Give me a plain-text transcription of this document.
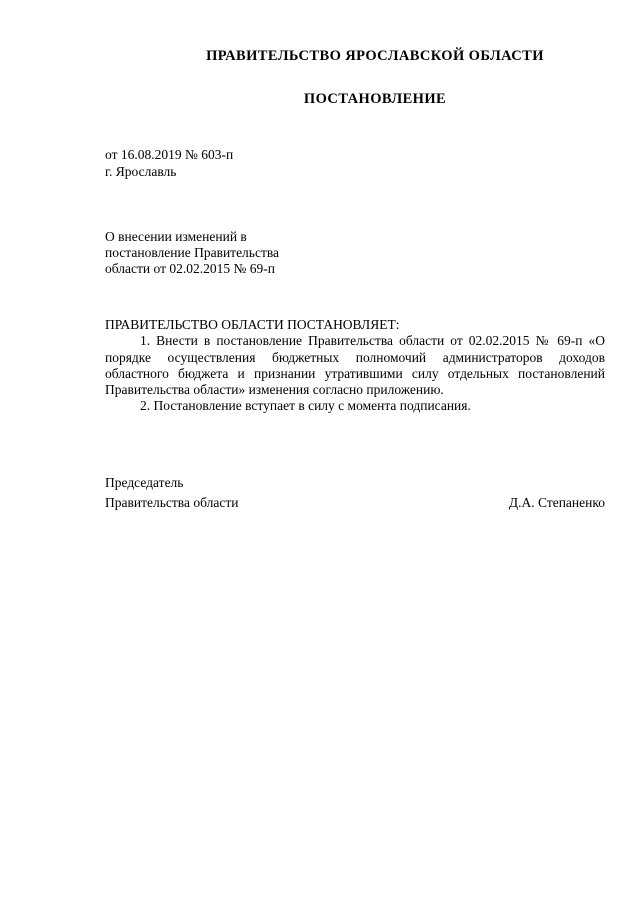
ПРАВИТЕЛЬСТВО ЯРОСЛАВСКОЙ ОБЛАСТИ
ПОСТАНОВЛЕНИЕ
от 16.08.2019 № 603-п
г. Ярославль
О внесении изменений в
постановление Правительства
области от 02.02.2015 № 69-п

ПРАВИТЕЛЬСТВО ОБЛАСТИ ПОСТАНОВЛЯЕТ:

1. Внести в постановление Правительства области от 02.02.2015 № 69-п «О порядке осуществления бюджетных полномочий администраторов доходов областного бюджета и признании утратившими силу отдельных постановлений Правительства области» изменения согласно приложению.

2. Постановление вступает в силу с момента подписания.

Председатель
Правительства области	Д.А. Степаненко
